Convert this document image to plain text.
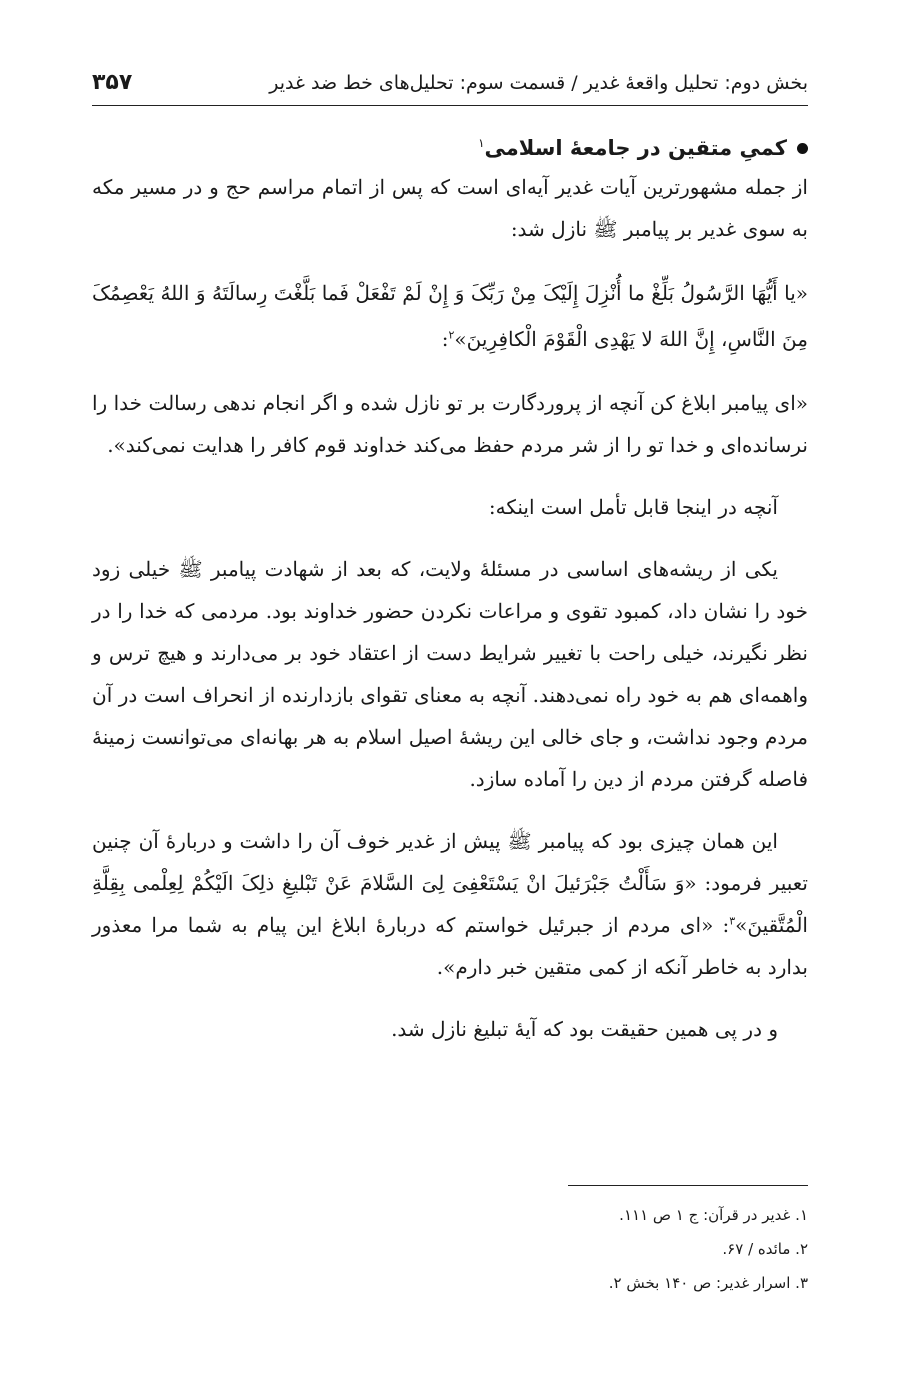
بخش دوم: تحلیل واقعهٔ غدیر / قسمت سوم: تحلیل‌های خط ضد غدیر
۳۵۷
کمیِ متقین در جامعهٔ اسلامی$^۱$

از جمله مشهورترین آیات غدیر آیه‌ای است که پس از اتمام مراسم حج و در مسیر مکه به سوی غدیر بر پیامبر ﷺ نازل شد:

«یا أَیُّهَا الرَّسُولُ بَلِّغْ ما أُنْزِلَ إِلَیْکَ مِنْ رَبِّکَ وَ إِنْ لَمْ تَفْعَلْ فَما بَلَّغْتَ رِسالَتَهُ وَ اللهُ یَعْصِمُکَ مِنَ النَّاسِ، إِنَّ اللهَ لا یَهْدِی الْقَوْمَ الْکافِرِینَ»$^۲$:

«ای پیامبر ابلاغ کن آنچه از پروردگارت بر تو نازل شده و اگر انجام ندهی رسالت خدا را نرسانده‌ای و خدا تو را از شر مردم حفظ می‌کند خداوند قوم کافر را هدایت نمی‌کند».

آنچه در اینجا قابل تأمل است اینکه:

یکی از ریشه‌های اساسی در مسئلهٔ ولایت، که بعد از شهادت پیامبر ﷺ خیلی زود خود را نشان داد، کمبود تقوی و مراعات نکردن حضور خداوند بود. مردمی که خدا را در نظر نگیرند، خیلی راحت با تغییر شرایط دست از اعتقاد خود بر می‌دارند و هیچ ترس و واهمه‌ای هم به خود راه نمی‌دهند. آنچه به معنای تقوای بازدارنده از انحراف است در آن مردم وجود نداشت، و جای خالی این ریشهٔ اصیل اسلام به هر بهانه‌ای می‌توانست زمینهٔ فاصله گرفتن مردم از دین را آماده سازد.

این همان چیزی بود که پیامبر ﷺ پیش از غدیر خوف آن را داشت و دربارهٔ آن چنین تعبیر فرمود: «وَ سَأَلْتُ جَبْرَئیلَ انْ یَسْتَعْفِیَ لِیَ السَّلامَ عَنْ تَبْلیغِ ذلِکَ الَیْکُمْ لِعِلْمی بِقِلَّةِ الْمُتَّقینَ»$^۳$: «ای مردم از جبرئیل خواستم که دربارهٔ ابلاغ این پیام به شما مرا معذور بدارد به خاطر آنکه از کمی متقین خبر دارم».

و در پی همین حقیقت بود که آیهٔ تبلیغ نازل شد.

۱. غدیر در قرآن: ج ۱ ص ۱۱۱.
۲. مائده / ۶۷.
۳. اسرار غدیر: ص ۱۴۰ بخش ۲.
